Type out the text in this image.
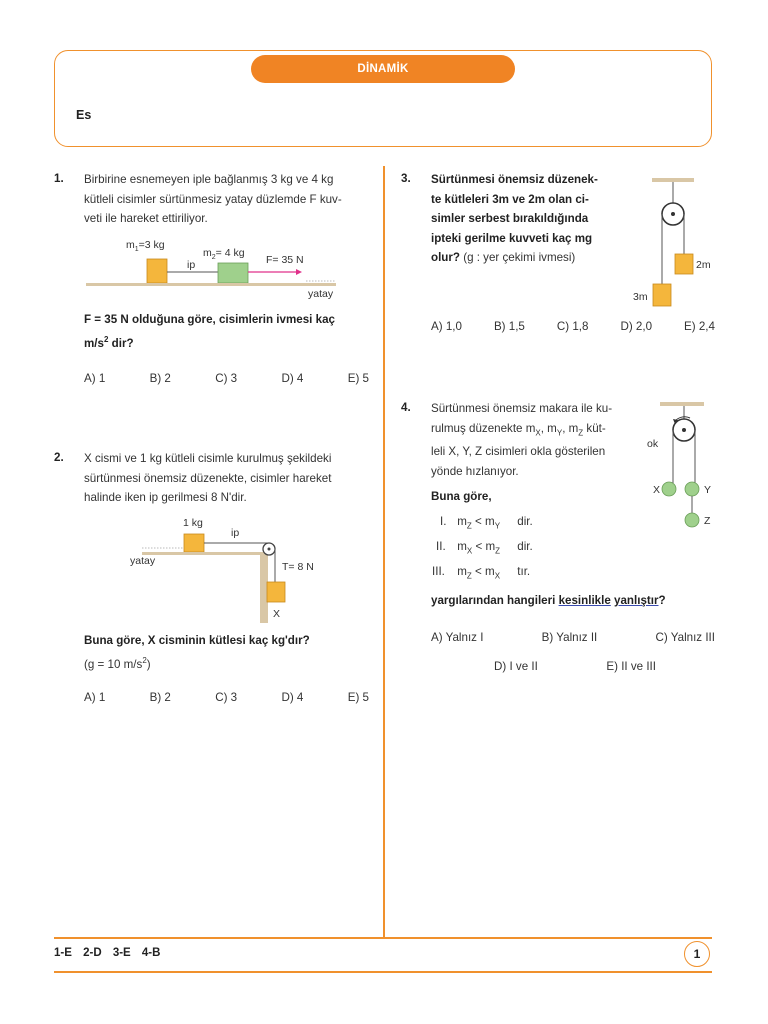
DİNAMİK
Es
1. Birbirine esnemeyen iple bağlanmış 3 kg ve 4 kg
kütleli cisimler sürtünmesiz yatay düzlemde F kuv-
veti ile hareket ettiriliyor.
$m_1=3$ kg
$m_2= 4$ kg
ip	F= 35 N
yatay
F = 35 N olduğuna göre, cisimlerin ivmesi kaç
$m/s^2$ dir?
A) 1	B) 2	C) 3	D) 4	E) 5
2. X cismi ve 1 kg kütleli cisimle kurulmuş şekildeki
sürtünmesi önemsiz düzenekte, cisimler hareket
halinde iken ip gerilmesi 8 N'dir.
1 kg
ip
yatay	T= 8 N
X
Buna göre, X cisminin kütlesi kaç kg'dır?
(g = 10 $m/s^2$)
A) 1	B) 2	C) 3	D) 4	E) 5
3. Sürtünmesi önemsiz düzenek-
te kütleleri 3m ve 2m olan ci-
simler serbest bırakıldığında
ipteki gerilme kuvveti kaç mg
olur? (g : yer çekimi ivmesi)
2m
3m
A) 1,0	B) 1,5	C) 1,8	D) 2,0	E) 2,4
4. Sürtünmesi önemsiz makara ile ku-
rulmuş düzenekte $m_X$, $m_Y$, $m_Z$ küt-
leli X, Y, Z cisimleri okla gösterilen
yönde hızlanıyor.
ok
X	Y
Z
Buna göre,
I. $m_Z < m_Y$ dir.
II. $m_X < m_Z$ dir.
III. $m_Z < m_X$ tır.
yargılarından hangileri kesinlikle yanlıştır?
A) Yalnız I	B) Yalnız II	C) Yalnız III
D) I ve II	E) II ve III
1-E 2-D 3-E 4-B	1
